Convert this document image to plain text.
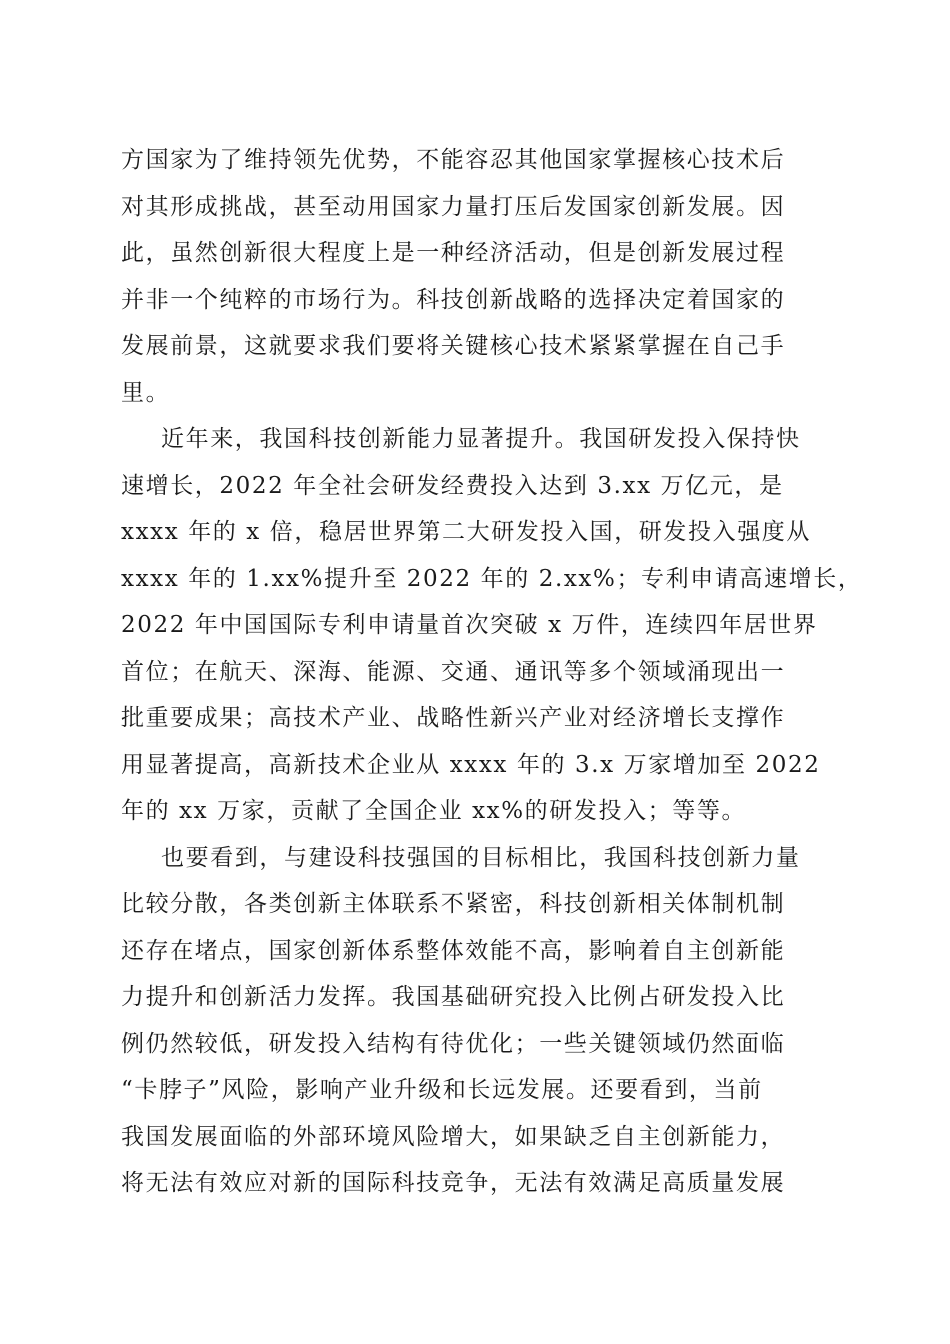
方国家为了维持领先优势，不能容忍其他国家掌握核心技术后
对其形成挑战，甚至动用国家力量打压后发国家创新发展。因
此，虽然创新很大程度上是一种经济活动，但是创新发展过程
并非一个纯粹的市场行为。科技创新战略的选择决定着国家的
发展前景，这就要求我们要将关键核心技术紧紧掌握在自己手
里。
近年来，我国科技创新能力显著提升。我国研发投入保持快
速增长，2022 年全社会研发经费投入达到 3.xx 万亿元，是
xxxx 年的 x 倍，稳居世界第二大研发投入国，研发投入强度从
xxxx 年的 1.xx%提升至 2022 年的 2.xx%；专利申请高速增长，
2022 年中国国际专利申请量首次突破 x 万件，连续四年居世界
首位；在航天、深海、能源、交通、通讯等多个领域涌现出一
批重要成果；高技术产业、战略性新兴产业对经济增长支撑作
用显著提高，高新技术企业从 xxxx 年的 3.x 万家增加至 2022
年的 xx 万家，贡献了全国企业 xx%的研发投入；等等。
也要看到，与建设科技强国的目标相比，我国科技创新力量
比较分散，各类创新主体联系不紧密，科技创新相关体制机制
还存在堵点，国家创新体系整体效能不高，影响着自主创新能
力提升和创新活力发挥。我国基础研究投入比例占研发投入比
例仍然较低，研发投入结构有待优化；一些关键领域仍然面临
“卡脖子”风险，影响产业升级和长远发展。还要看到，当前
我国发展面临的外部环境风险增大，如果缺乏自主创新能力，
将无法有效应对新的国际科技竞争，无法有效满足高质量发展
